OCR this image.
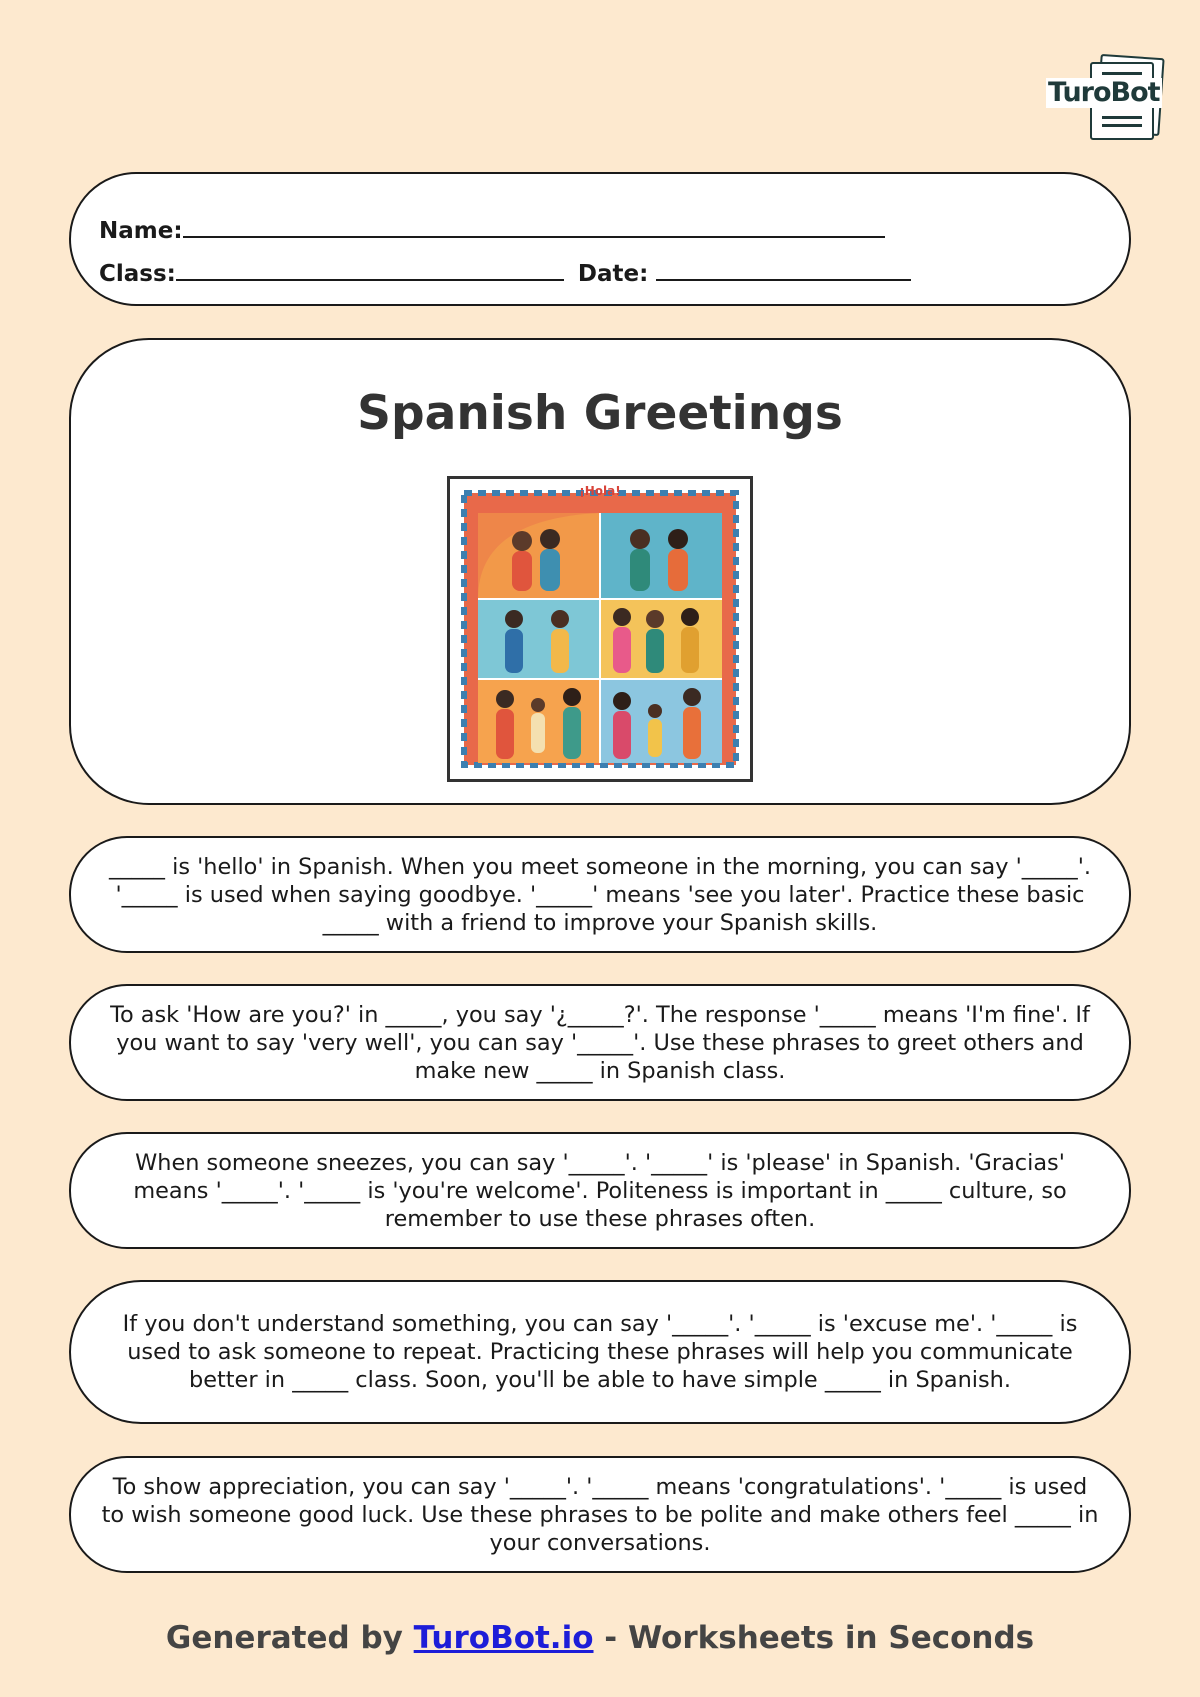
TuroBot
Name:
Class:	Date:
Spanish Greetings
¡Hola!

_____ is 'hello' in Spanish. When you meet someone in the morning, you can say '_____'. '_____ is used when saying goodbye. '_____' means 'see you later'. Practice these basic _____ with a friend to improve your Spanish skills.

To ask 'How are you?' in _____, you say '¿_____?'. The response '_____ means 'I'm fine'. If you want to say 'very well', you can say '_____'. Use these phrases to greet others and make new _____ in Spanish class.

When someone sneezes, you can say '_____'. '_____' is 'please' in Spanish. 'Gracias' means '_____'. '_____ is 'you're welcome'. Politeness is important in _____ culture, so remember to use these phrases often.

If you don't understand something, you can say '_____'. '_____ is 'excuse me'. '_____ is used to ask someone to repeat. Practicing these phrases will help you communicate better in _____ class. Soon, you'll be able to have simple _____ in Spanish.

To show appreciation, you can say '_____'. '_____ means 'congratulations'. '_____ is used to wish someone good luck. Use these phrases to be polite and make others feel _____ in your conversations.

Generated by TuroBot.io - Worksheets in Seconds
